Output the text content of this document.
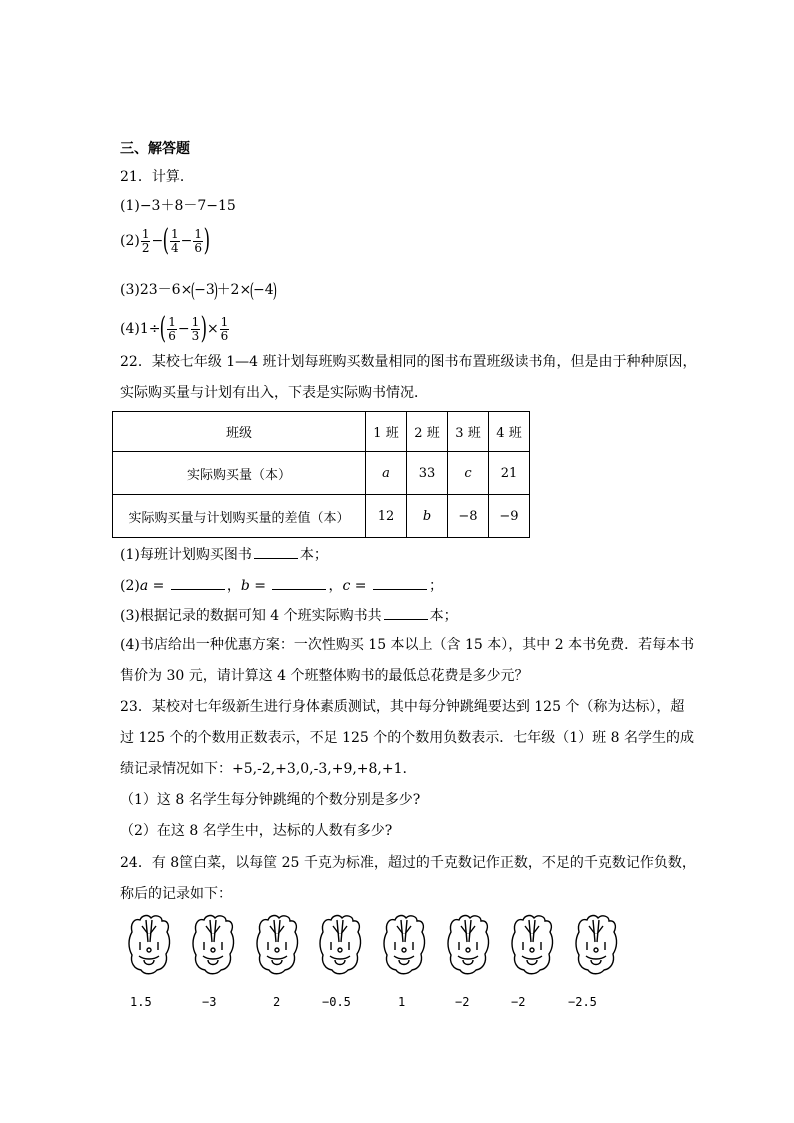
三、解答题
21．计算．
(1)−3＋8－7−15
$(2) \frac{1}{2}$ −( $\frac{1}{4} - \frac{1}{6}$ )
(3)23－6×(−3)＋2×(−4)
$(4)1\div( \frac{1}{6} - \frac{1}{3}$ )× $\frac{1}{6}$
22．某校七年级 1—4 班计划每班购买数量相同的图书布置班级读书角，但是由于种种原因，
实际购买量与计划有出入，下表是实际购书情况．
班级	1 班	2 班	3 班	4 班
实际购买量（本）	a	33	c	21
实际购买量与计划购买量的差值（本）	12	b	−8	−9
(1)每班计划购买图书	本；
(2)a =	，b =	，c =	；
(3)根据记录的数据可知 4 个班实际购书共	本；
(4)书店给出一种优惠方案：一次性购买 15 本以上（含 15 本），其中 2 本书免费．若每本书
售价为 30 元，请计算这 4 个班整体购书的最低总花费是多少元？
23．某校对七年级新生进行身体素质测试，其中每分钟跳绳要达到 125 个（称为达标），超
过 125 个的个数用正数表示，不足 125 个的个数用负数表示．七年级（1）班 8 名学生的成
绩记录情况如下：+5,-2,+3,0,-3,+9,+8,+1.
（1）这 8 名学生每分钟跳绳的个数分别是多少?
（2）在这 8 名学生中，达标的人数有多少?
24．有 8筐白菜，以每筐 25 千克为标准，超过的千克数记作正数，不足的千克数记作负数，
称后的记录如下：
1.5	−3	2	−0.5	1	−2	−2	−2.5
